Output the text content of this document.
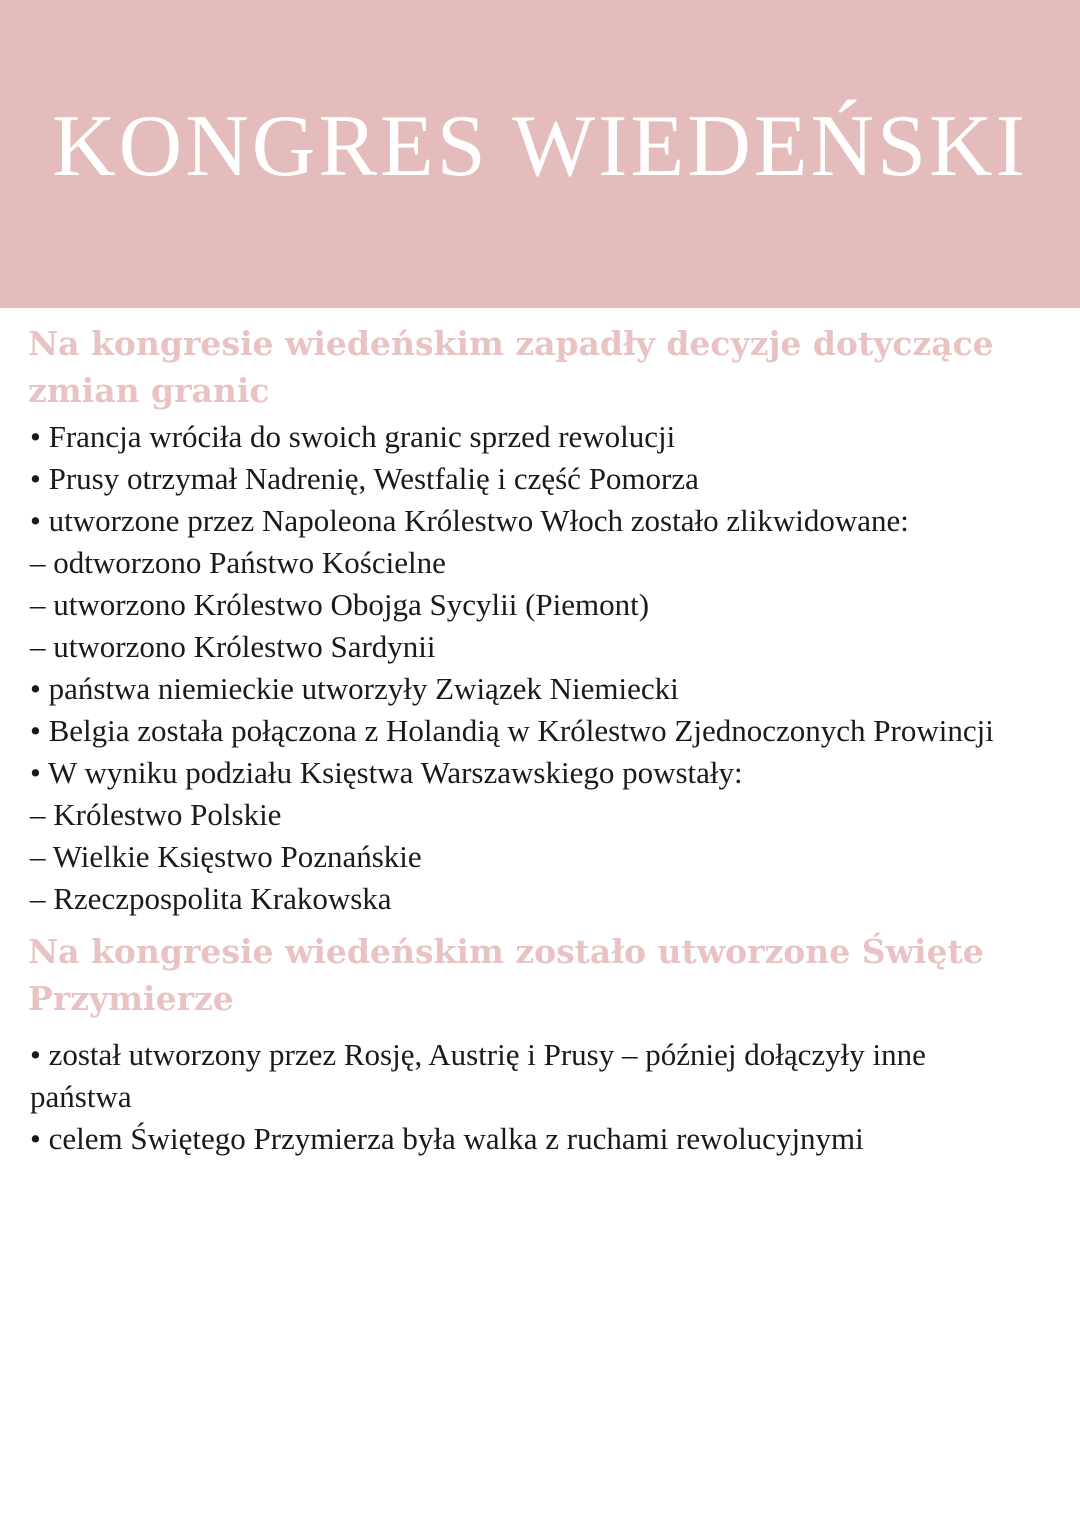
KONGRES WIEDEŃSKI
Na kongresie wiedeńskim zapadły decyzje dotyczące zmian granic
• Francja wróciła do swoich granic sprzed rewolucji
• Prusy otrzymał Nadrenię, Westfalię i część Pomorza
• utworzone przez Napoleona Królestwo Włoch zostało zlikwidowane:
– odtworzono Państwo Kościelne
– utworzono Królestwo Obojga Sycylii (Piemont)
– utworzono Królestwo Sardynii
• państwa niemieckie utworzyły Związek Niemiecki
• Belgia została połączona z Holandią w Królestwo Zjednoczonych Prowincji
• W wyniku podziału Księstwa Warszawskiego powstały:
– Królestwo Polskie
– Wielkie Księstwo Poznańskie
– Rzeczpospolita Krakowska
Na kongresie wiedeńskim zostało utworzone Święte Przymierze
• został utworzony przez Rosję, Austrię i Prusy – później dołączyły inne państwa
• celem Świętego Przymierza była walka z ruchami rewolucyjnymi
